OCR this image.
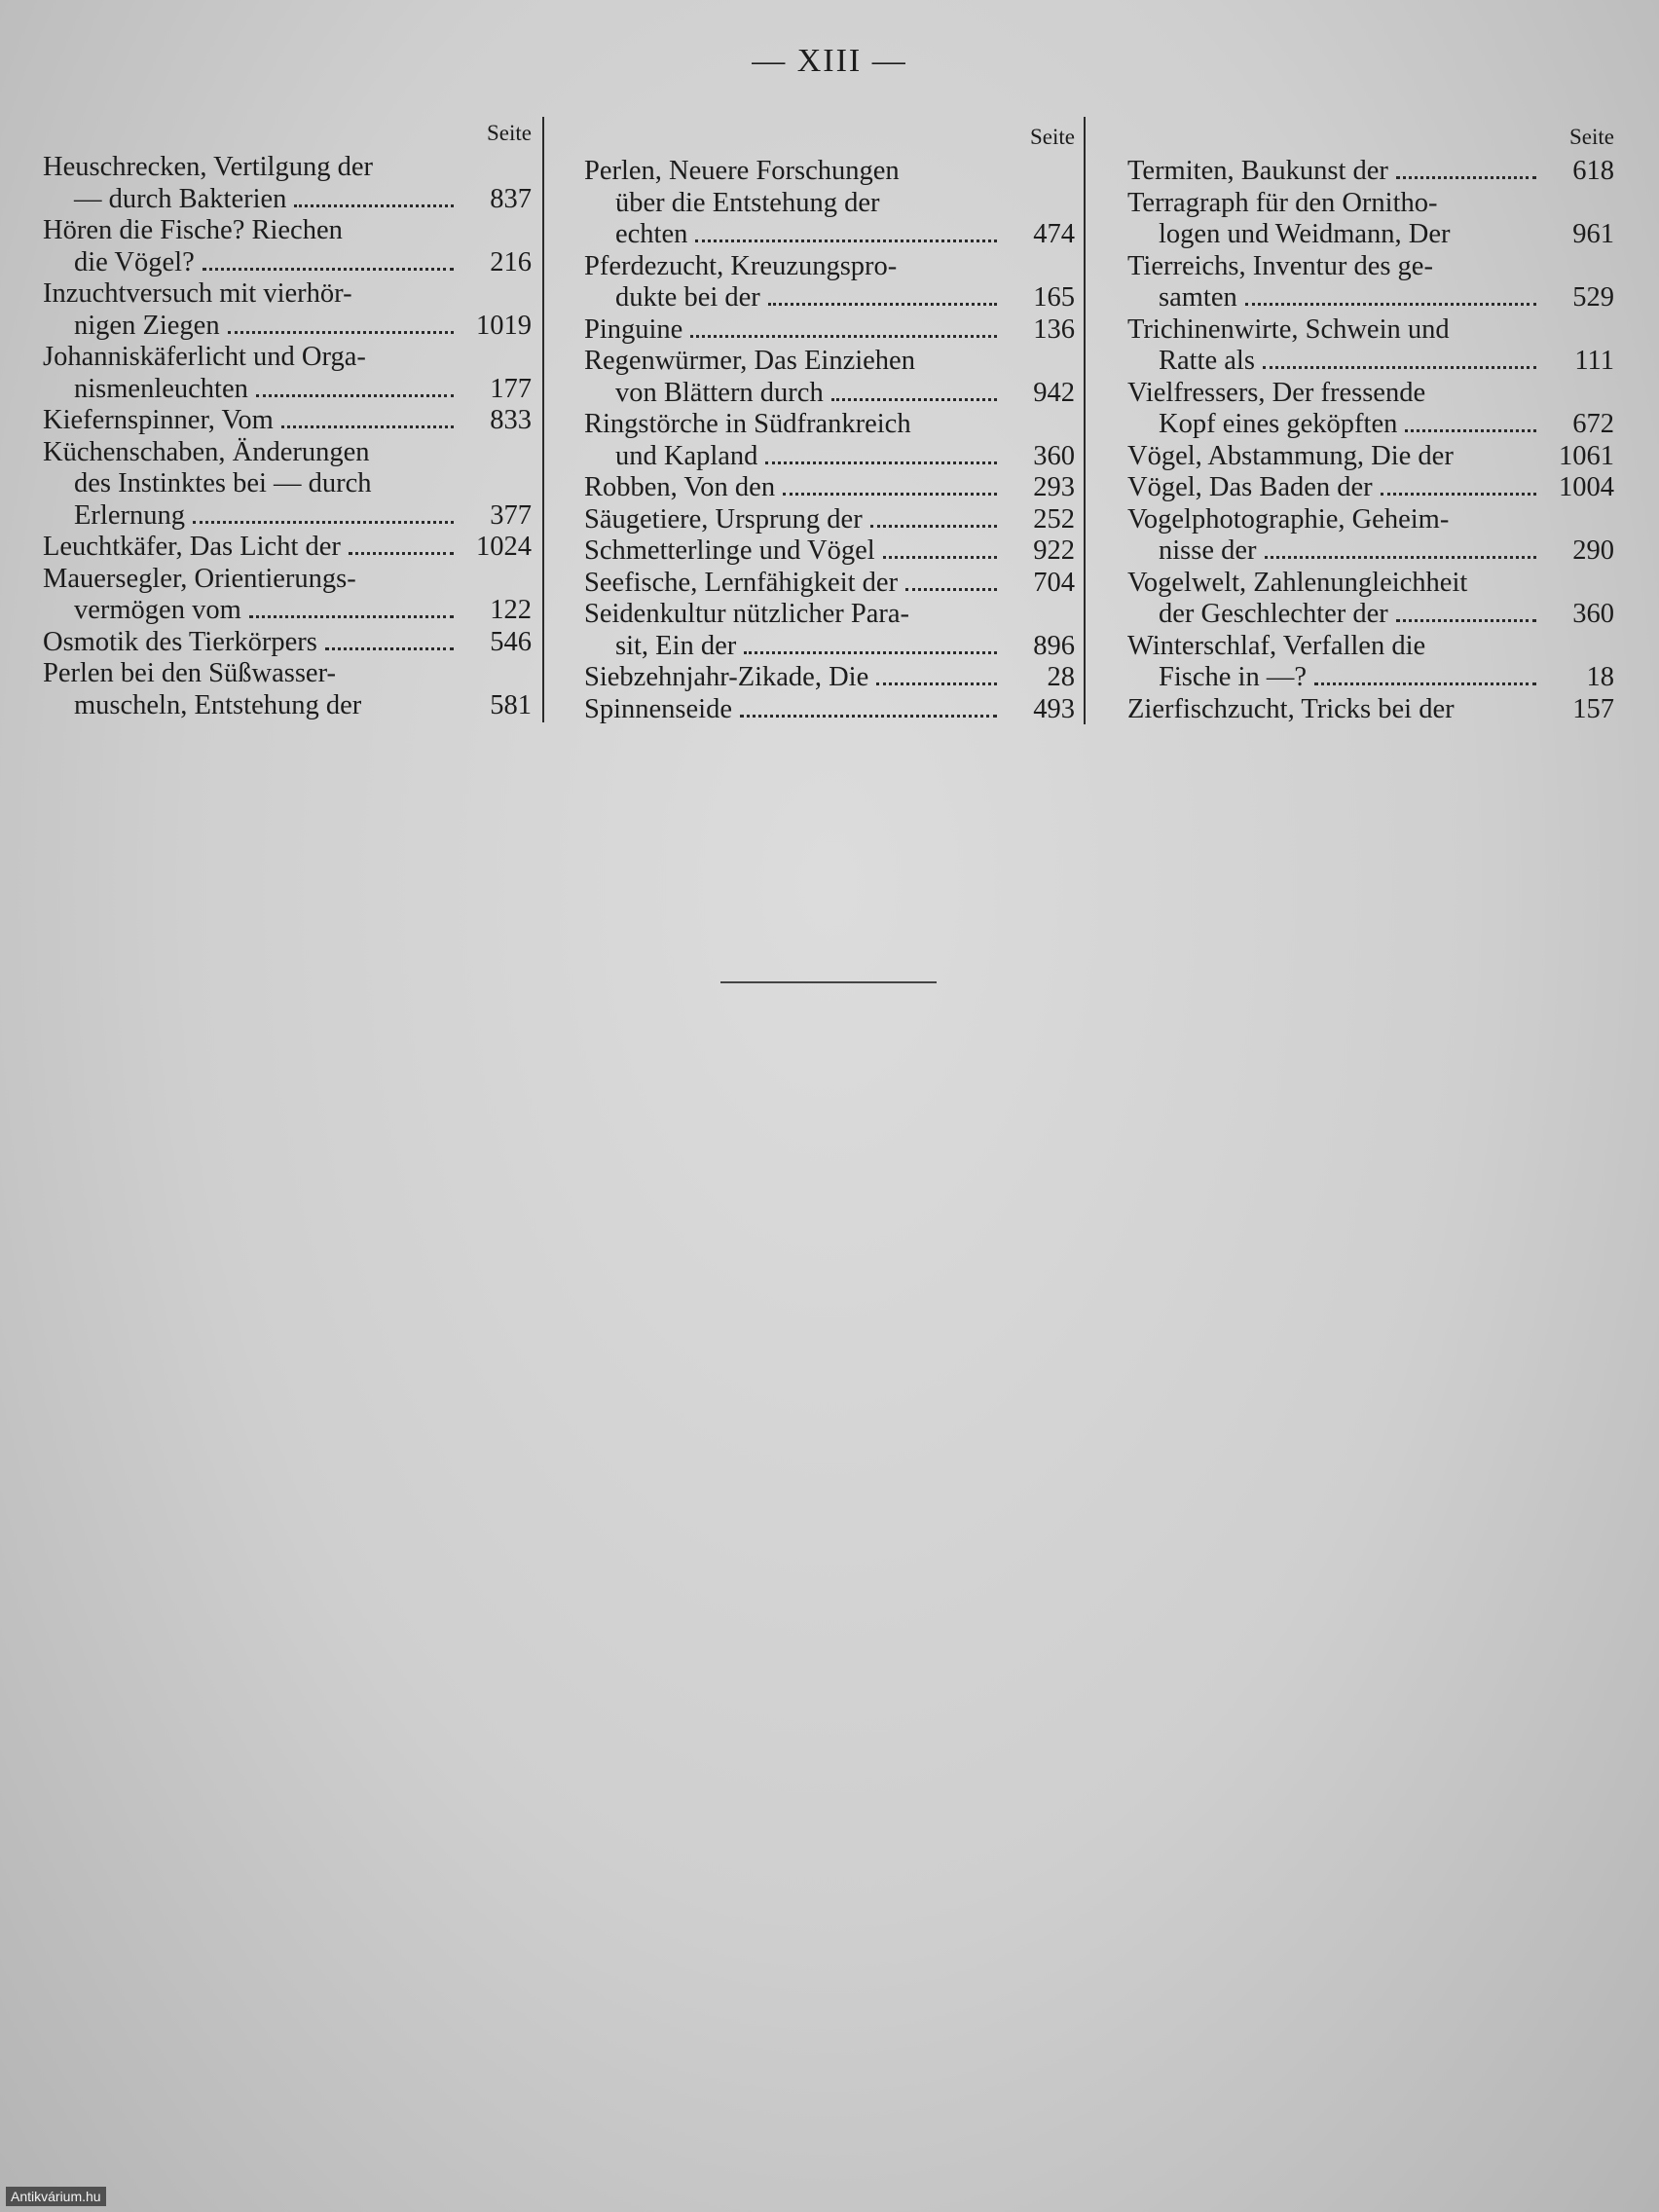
— XIII —
Seite
Heuschrecken, Vertilgung der
— durch Bakterien	837
Hören die Fische? Riechen
die Vögel?	216
Inzuchtversuch mit vierhör-
nigen Ziegen	1019
Johanniskäferlicht und Orga-
nismenleuchten	177
Kiefernspinner, Vom	833
Küchenschaben, Änderungen
des Instinktes bei — durch
Erlernung	377
Leuchtkäfer, Das Licht der	1024
Mauersegler, Orientierungs-
vermögen vom	122
Osmotik des Tierkörpers	546
Perlen bei den Süßwasser-
muscheln, Entstehung der	581
Seite
Perlen, Neuere Forschungen
über die Entstehung der
echten	474
Pferdezucht, Kreuzungspro-
dukte bei der	165
Pinguine	136
Regenwürmer, Das Einziehen
von Blättern durch	942
Ringstörche in Südfrankreich
und Kapland	360
Robben, Von den	293
Säugetiere, Ursprung der	252
Schmetterlinge und Vögel	922
Seefische, Lernfähigkeit der	704
Seidenkultur nützlicher Para-
sit, Ein der	896
Siebzehnjahr-Zikade, Die	28
Spinnenseide	493
Seite
Termiten, Baukunst der	618
Terragraph für den Ornitho-
logen und Weidmann, Der	961
Tierreichs, Inventur des ge-
samten	529
Trichinenwirte, Schwein und
Ratte als	111
Vielfressers, Der fressende
Kopf eines geköpften	672
Vögel, Abstammung, Die der	1061
Vögel, Das Baden der	1004
Vogelphotographie, Geheim-
nisse der	290
Vogelwelt, Zahlenungleichheit
der Geschlechter der	360
Winterschlaf, Verfallen die
Fische in —?	18
Zierfischzucht, Tricks bei der	157
Antikvárium.hu
